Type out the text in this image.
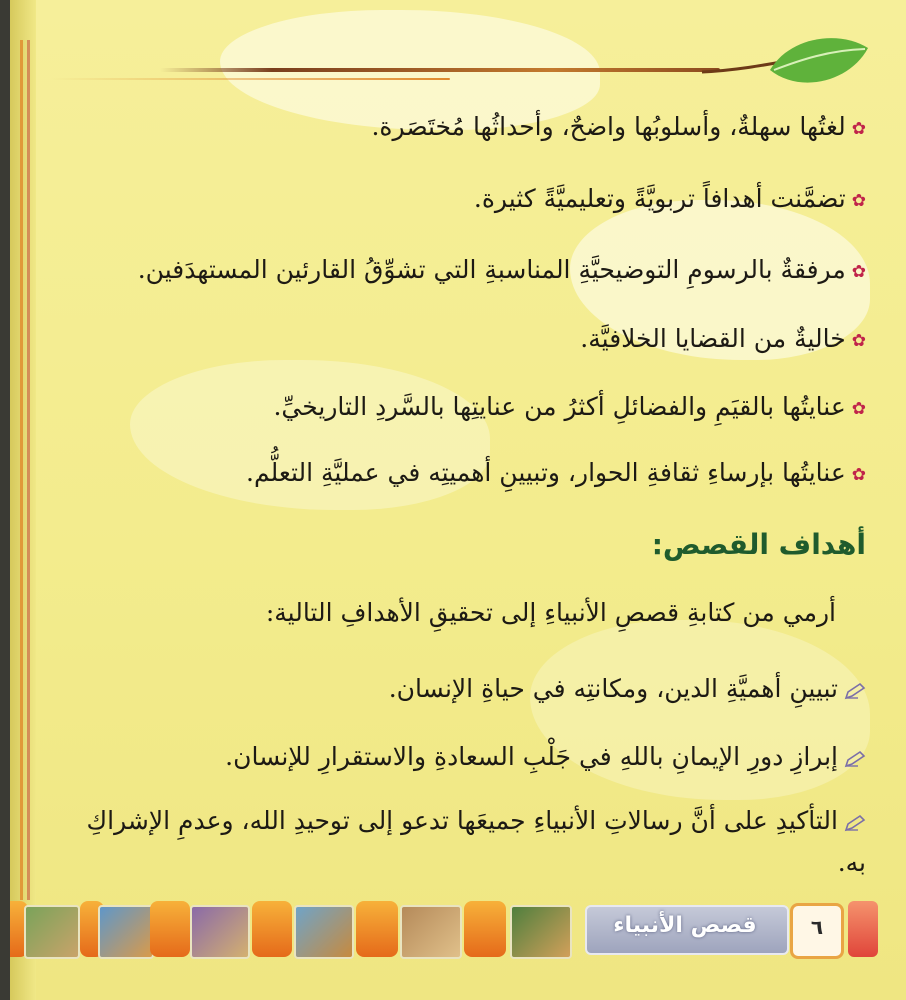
✿لغتُها سهلةٌ، وأسلوبُها واضحٌ، وأحداثُها مُختَصَرة.
✿تضمَّنت أهدافاً تربويَّةً وتعليميَّةً كثيرة.
✿مرفقةٌ بالرسومِ التوضيحيَّةِ المناسبةِ التي تشوِّقُ القارئين المستهدَفين.
✿خاليةٌ من القضايا الخلافيَّة.
✿عنايتُها بالقيَمِ والفضائلِ أكثرُ من عنايتِها بالسَّردِ التاريخيِّ.
✿عنايتُها بإرساءِ ثقافةِ الحوار، وتبيينِ أهميتِه في عمليَّةِ التعلُّم.
أهداف القصص:
أرمي من كتابةِ قصصِ الأنبياءِ إلى تحقيقِ الأهدافِ التالية:
تبيينِ أهميَّةِ الدين، ومكانتِه في حياةِ الإنسان.
إبرازِ دورِ الإيمانِ باللهِ في جَلْبِ السعادةِ والاستقرارِ للإنسان.
التأكيدِ على أنَّ رسالاتِ الأنبياءِ جميعَها تدعو إلى توحيدِ الله، وعدمِ الإشراكِ به.
قصص الأنبياء	٦
